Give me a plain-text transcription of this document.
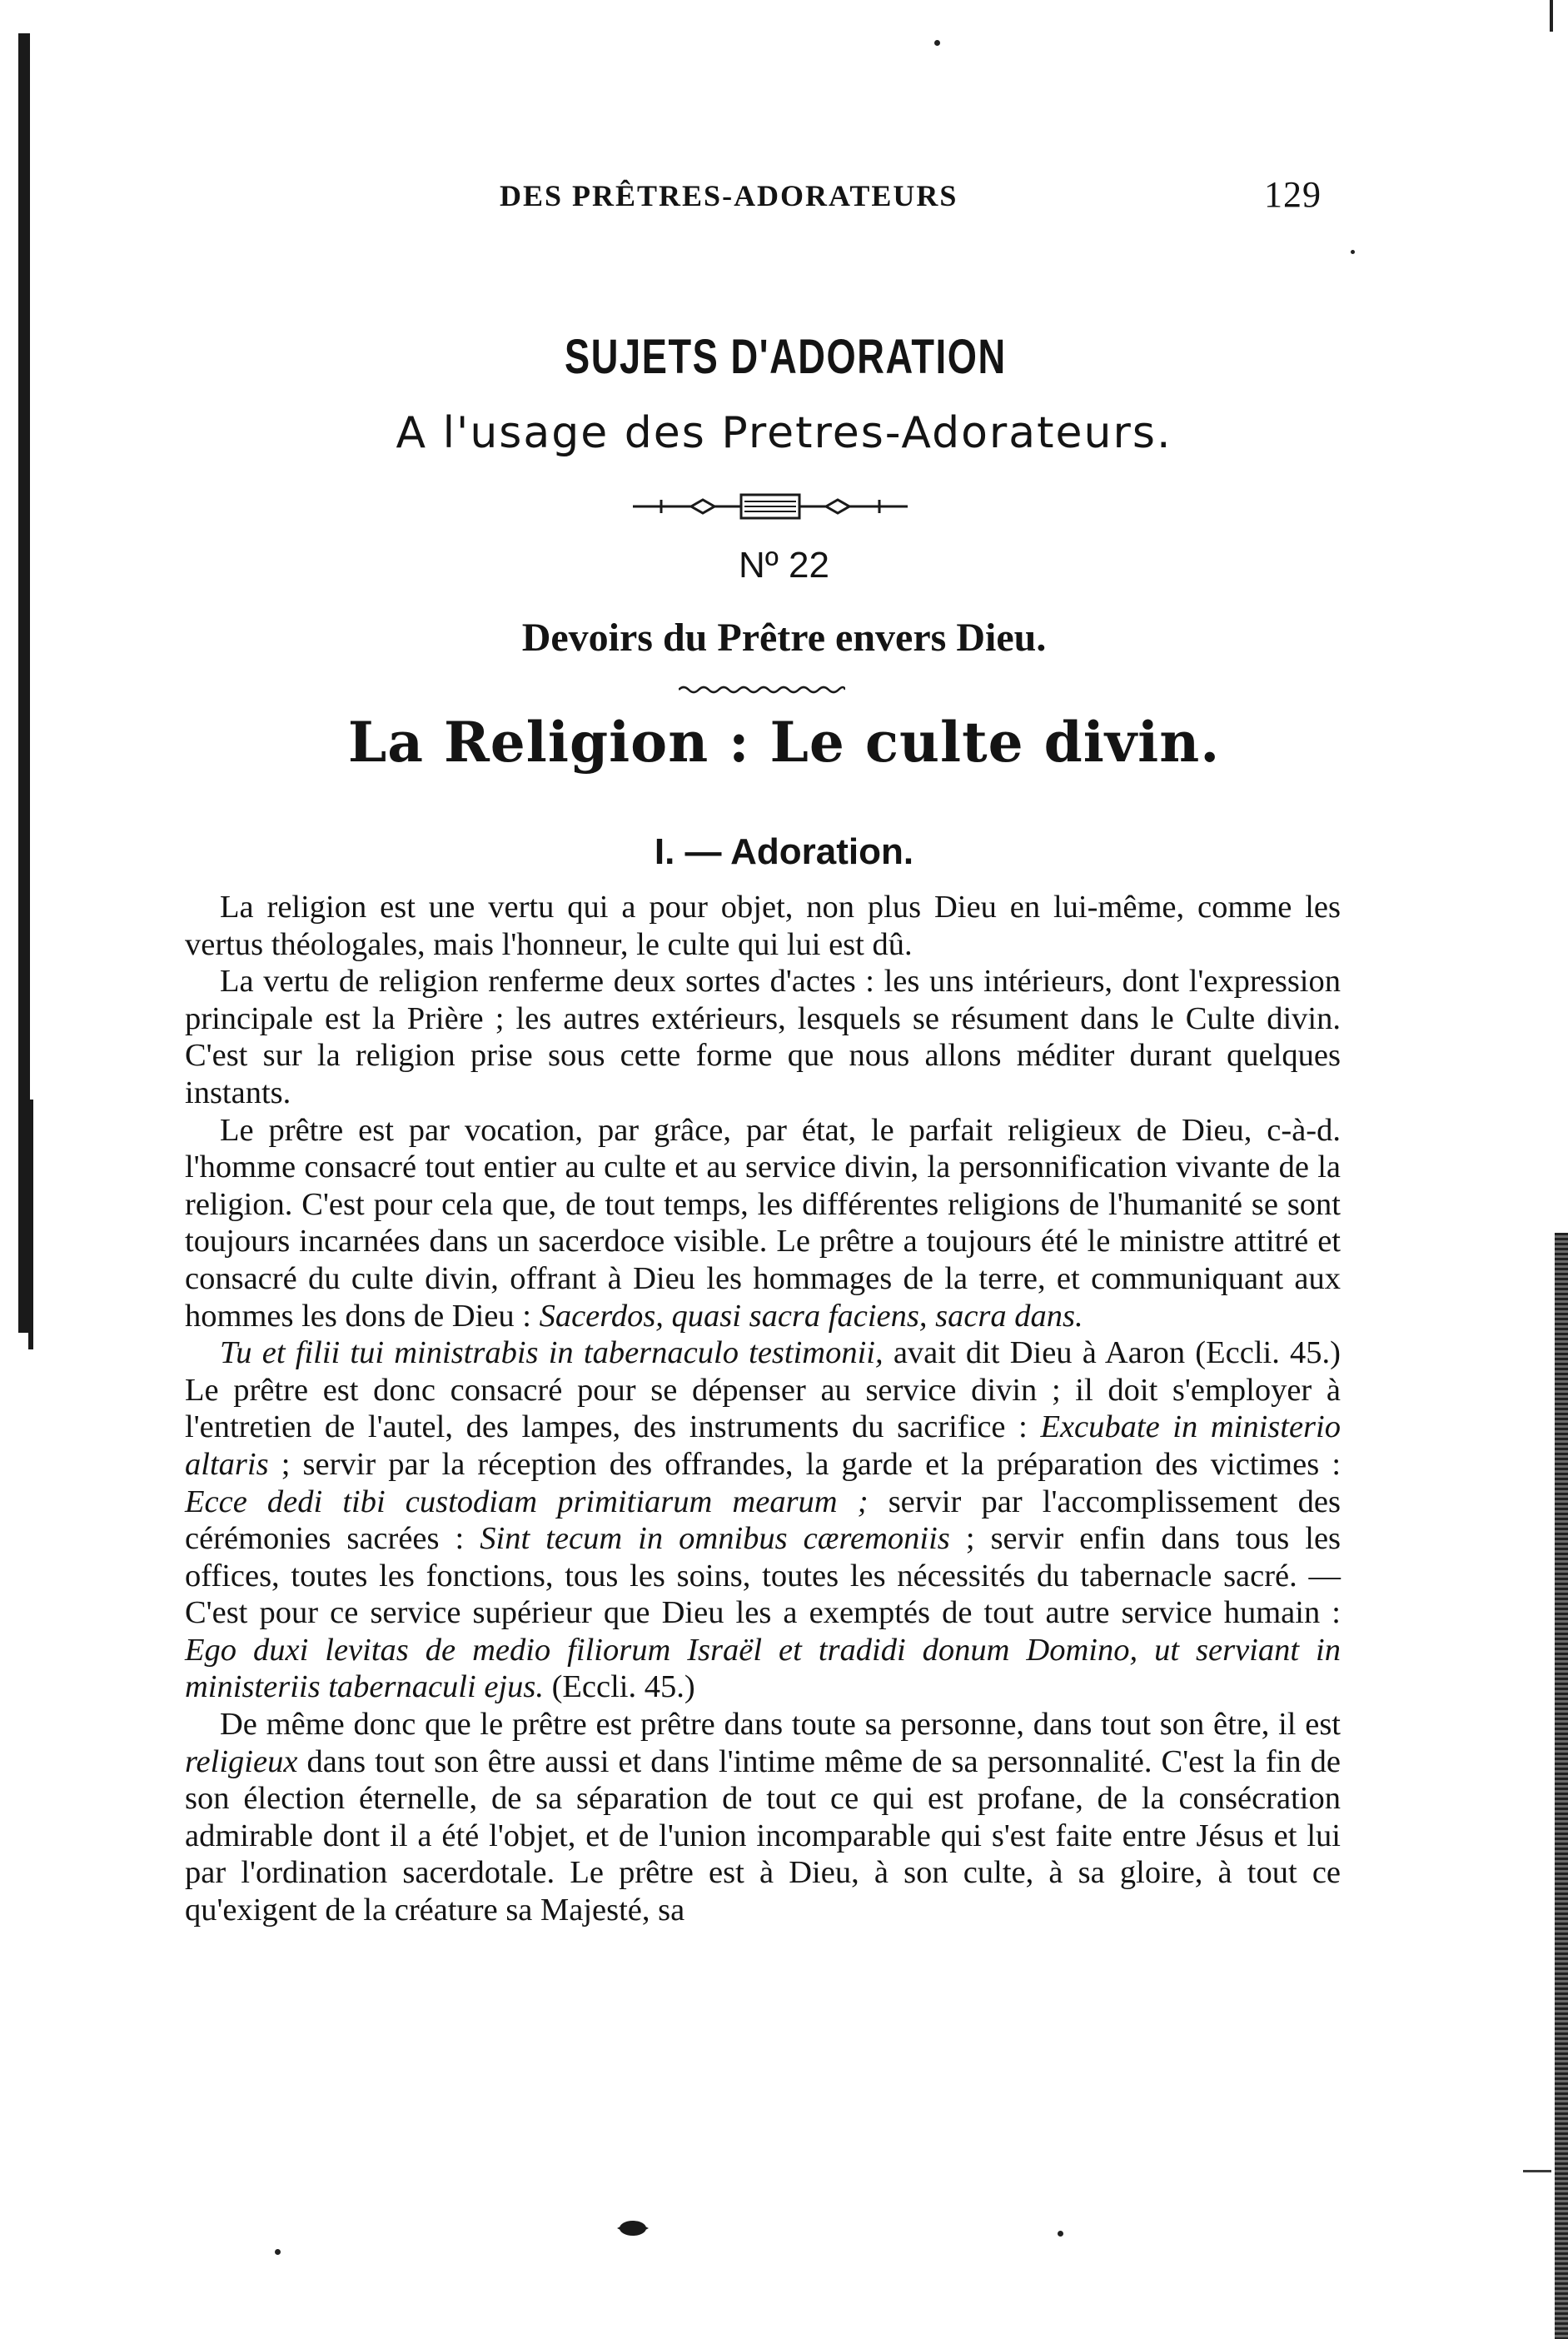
DES PRÊTRES-ADORATEURS	129
SUJETS D'ADORATION
A l'usage des Pretres-Adorateurs.
Nº 22
Devoirs du Prêtre envers Dieu.
La Religion : Le culte divin.
I. — Adoration.

La religion est une vertu qui a pour objet, non plus Dieu en lui-même, comme les vertus théologales, mais l'honneur, le culte qui lui est dû.

La vertu de religion renferme deux sortes d'actes : les uns intérieurs, dont l'expression principale est la Prière ; les autres extérieurs, lesquels se résument dans le Culte divin. C'est sur la religion prise sous cette forme que nous allons méditer durant quelques instants.

Le prêtre est par vocation, par grâce, par état, le parfait religieux de Dieu, c-à-d. l'homme consacré tout entier au culte et au service divin, la personnification vivante de la religion. C'est pour cela que, de tout temps, les différentes religions de l'humanité se sont toujours incarnées dans un sacerdoce visible. Le prêtre a toujours été le ministre attitré et consacré du culte divin, offrant à Dieu les hommages de la terre, et communiquant aux hommes les dons de Dieu : Sacerdos, quasi sacra faciens, sacra dans.

Tu et filii tui ministrabis in tabernaculo testimonii, avait dit Dieu à Aaron (Eccli. 45.) Le prêtre est donc consacré pour se dépenser au service divin ; il doit s'employer à l'entretien de l'autel, des lampes, des instruments du sacrifice : Excubate in ministerio altaris ; servir par la réception des offrandes, la garde et la préparation des victimes : Ecce dedi tibi custodiam primitiarum mearum ; servir par l'accomplissement des cérémonies sacrées : Sint tecum in omnibus cæremoniis ; servir enfin dans tous les offices, toutes les fonctions, tous les soins, toutes les nécessités du tabernacle sacré. — C'est pour ce service supérieur que Dieu les a exemptés de tout autre service humain : Ego duxi levitas de medio filiorum Israël et tradidi donum Domino, ut serviant in ministeriis tabernaculi ejus. (Eccli. 45.)

De même donc que le prêtre est prêtre dans toute sa personne, dans tout son être, il est religieux dans tout son être aussi et dans l'intime même de sa personnalité. C'est la fin de son élection éternelle, de sa séparation de tout ce qui est profane, de la consécration admirable dont il a été l'objet, et de l'union incomparable qui s'est faite entre Jésus et lui par l'ordination sacerdotale. Le prêtre est à Dieu, à son culte, à sa gloire, à tout ce qu'exigent de la créature sa Majesté, sa
